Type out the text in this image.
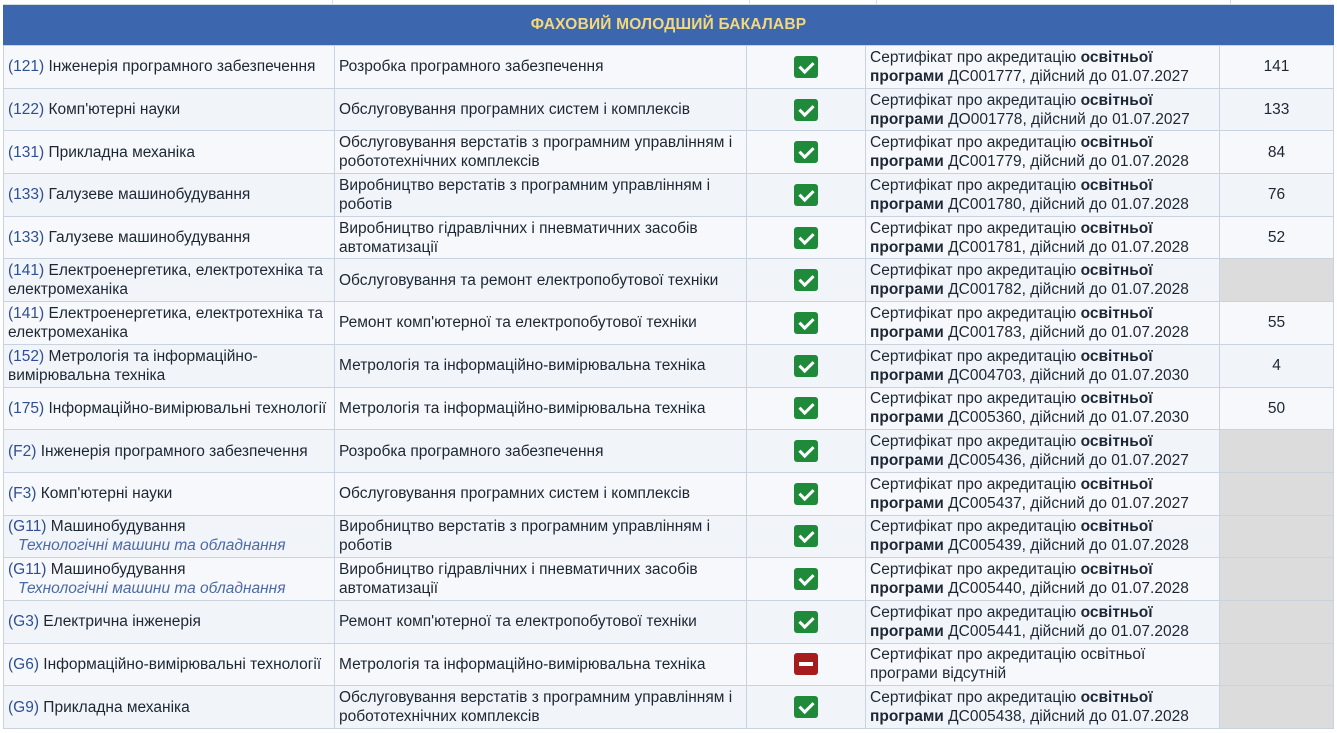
ФАХОВИЙ МОЛОДШИЙ БАКАЛАВР
(121) Інженерія програмного забезпечення	Розробка програмного забезпечення		Сертифікат про акредитацію освітньої програми ДС001777, дійсний до 01.07.2027	141
(122) Комп'ютерні науки	Обслуговування програмних систем і комплексів		Сертифікат про акредитацію освітньої програми ДО001778, дійсний до 01.07.2027	133
(131) Прикладна механіка	Обслуговування верстатів з програмним управлінням і робототехнічних комплексів		Сертифікат про акредитацію освітньої програми ДС001779, дійсний до 01.07.2028	84
(133) Галузеве машинобудування	Виробництво верстатів з програмним управлінням і роботів		Сертифікат про акредитацію освітньої програми ДС001780, дійсний до 01.07.2028	76
(133) Галузеве машинобудування	Виробництво гідравлічних і пневматичних засобів автоматизації		Сертифікат про акредитацію освітньої програми ДС001781, дійсний до 01.07.2028	52
(141) Електроенергетика, електротехніка та електромеханіка	Обслуговування та ремонт електропобутової техніки		Сертифікат про акредитацію освітньої програми ДС001782, дійсний до 01.07.2028	
(141) Електроенергетика, електротехніка та електромеханіка	Ремонт комп'ютерної та електропобутової техніки		Сертифікат про акредитацію освітньої програми ДС001783, дійсний до 01.07.2028	55
(152) Метрологія та інформаційно-вимірювальна техніка	Метрологія та інформаційно-вимірювальна техніка		Сертифікат про акредитацію освітньої програми ДС004703, дійсний до 01.07.2030	4
(175) Інформаційно-вимірювальні технології	Метрологія та інформаційно-вимірювальна техніка		Сертифікат про акредитацію освітньої програми ДС005360, дійсний до 01.07.2030	50
(F2) Інженерія програмного забезпечення	Розробка програмного забезпечення		Сертифікат про акредитацію освітньої програми ДС005436, дійсний до 01.07.2027	
(F3) Комп'ютерні науки	Обслуговування програмних систем і комплексів		Сертифікат про акредитацію освітньої програми ДС005437, дійсний до 01.07.2027	
(G11) Машинобудування
Технологічні машини та обладнання	Виробництво верстатів з програмним управлінням і роботів		Сертифікат про акредитацію освітньої програми ДС005439, дійсний до 01.07.2028	
(G11) Машинобудування
Технологічні машини та обладнання	Виробництво гідравлічних і пневматичних засобів автоматизації		Сертифікат про акредитацію освітньої програми ДС005440, дійсний до 01.07.2028	
(G3) Електрична інженерія	Ремонт комп'ютерної та електропобутової техніки		Сертифікат про акредитацію освітньої програми ДС005441, дійсний до 01.07.2028	
(G6) Інформаційно-вимірювальні технології	Метрологія та інформаційно-вимірювальна техніка		Сертифікат про акредитацію освітньої програми відсутній	
(G9) Прикладна механіка	Обслуговування верстатів з програмним управлінням і робототехнічних комплексів		Сертифікат про акредитацію освітньої програми ДС005438, дійсний до 01.07.2028	
